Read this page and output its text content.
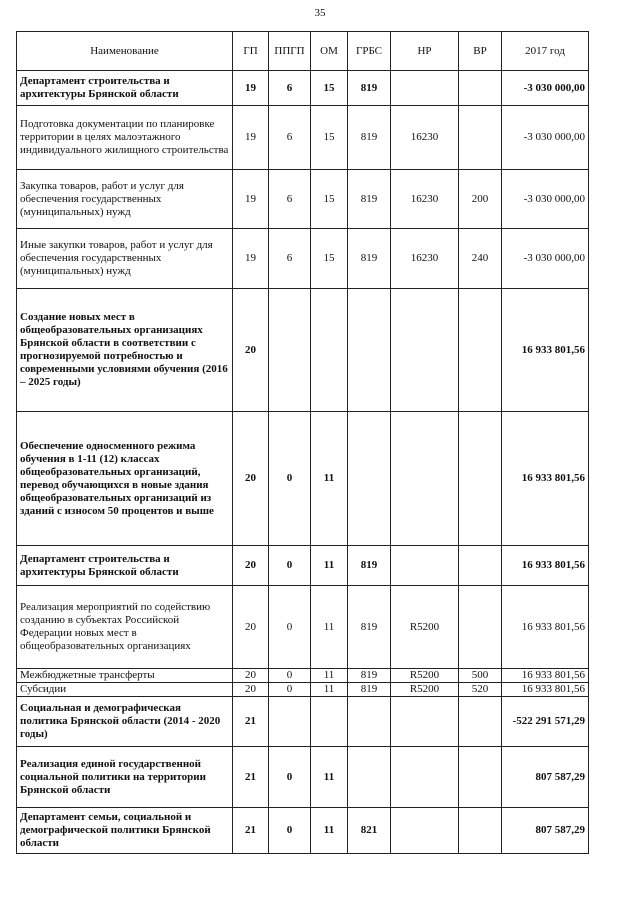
35
Наименование	ГП	ППГП	ОМ	ГРБС	НР	ВР	2017 год
Департамент строительства и архитектуры Брянской области	19	6	15	819			-3 030 000,00
Подготовка документации по планировке территории в целях малоэтажного индивидуального жилищного строительства	19	6	15	819	16230		-3 030 000,00
Закупка товаров, работ и услуг для обеспечения государственных (муниципальных) нужд	19	6	15	819	16230	200	-3 030 000,00
Иные закупки товаров, работ и услуг для обеспечения государственных (муниципальных) нужд	19	6	15	819	16230	240	-3 030 000,00
Создание новых мест в общеобразовательных организациях Брянской области в соответствии с прогнозируемой потребностью и современными условиями обучения (2016 – 2025 годы)	20						16 933 801,56
Обеспечение односменного режима обучения в 1-11 (12) классах общеобразовательных организаций, перевод обучающихся в новые здания общеобразовательных организаций из зданий с износом 50 процентов и выше	20	0	11				16 933 801,56
Департамент строительства и архитектуры Брянской области	20	0	11	819			16 933 801,56
Реализация мероприятий по содействию созданию в субъектах Российской Федерации новых мест в общеобразовательных организациях	20	0	11	819	R5200		16 933 801,56
Межбюджетные трансферты	20	0	11	819	R5200	500	16 933 801,56
Субсидии	20	0	11	819	R5200	520	16 933 801,56
Социальная и демографическая политика Брянской области (2014 - 2020 годы)	21						-522 291 571,29
Реализация единой государственной социальной политики на территории Брянской области	21	0	11				807 587,29
Департамент семьи, социальной и демографической политики Брянской области	21	0	11	821			807 587,29
